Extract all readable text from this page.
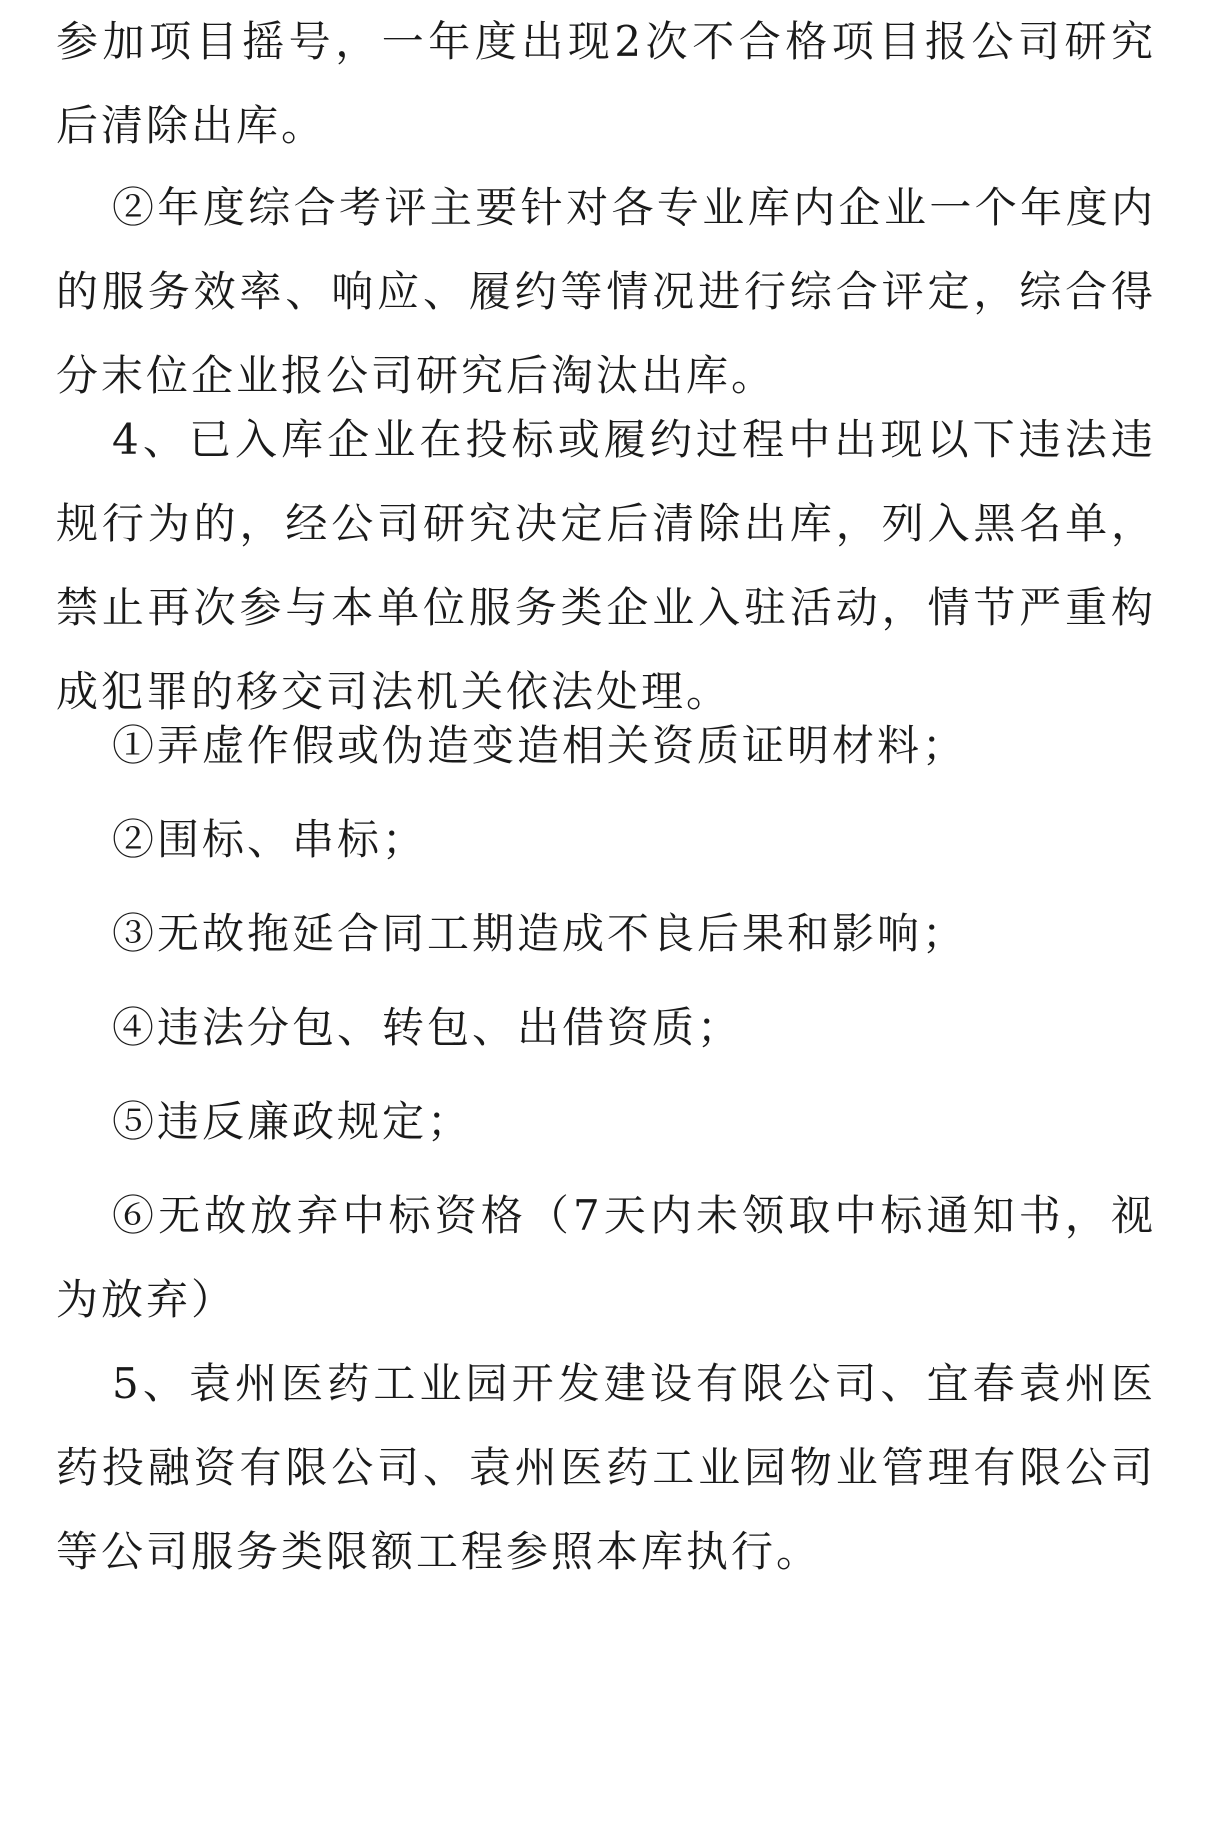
参加项目摇号，一年度出现2次不合格项目报公司研究后清除出库。

②年度综合考评主要针对各专业库内企业一个年度内的服务效率、响应、履约等情况进行综合评定，综合得分末位企业报公司研究后淘汰出库。

4、已入库企业在投标或履约过程中出现以下违法违规行为的，经公司研究决定后清除出库，列入黑名单，禁止再次参与本单位服务类企业入驻活动，情节严重构成犯罪的移交司法机关依法处理。

①弄虚作假或伪造变造相关资质证明材料；

②围标、串标；

③无故拖延合同工期造成不良后果和影响；

④违法分包、转包、出借资质；

⑤违反廉政规定；

⑥无故放弃中标资格（7天内未领取中标通知书，视为放弃）

5、袁州医药工业园开发建设有限公司、宜春袁州医药投融资有限公司、袁州医药工业园物业管理有限公司等公司服务类限额工程参照本库执行。
